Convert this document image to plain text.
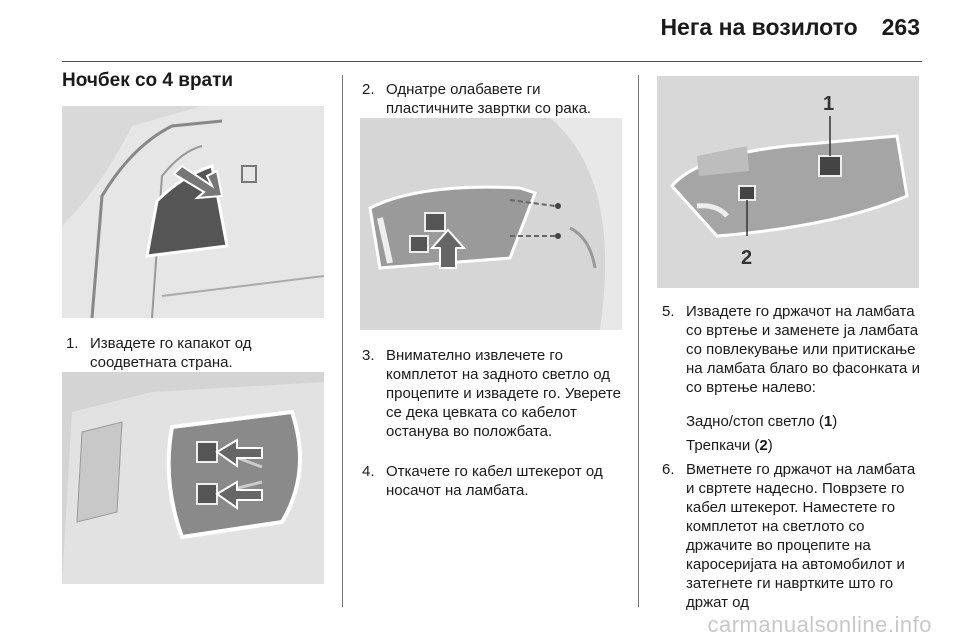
Нега на возилото 263
Ночбек со 4 врати
1. Извадете го капакот од соодветната страна.
2. Однатре олабавете ги пластичните завртки со рака.
3. Внимателно извлечете го комплетот на задното светло од процепите и извадете го. Уверете се дека цевката со кабелот останува во положбата.
4. Откачете го кабел штекерот од носачот на ламбата.
1
2
5. Извадете го држачот на ламбата со вртење и заменете ја ламбата со повлекување или притискање на ламбата благо во фасонката и со вртење налево:
Задно/стоп светло (1)
Трепкачи (2)
6. Вметнете го држачот на ламбата и свртете надесно. Поврзете го кабел штекерот. Наместете го комплетот на светлото со држачите во процепите на каросеријата на автомобилот и затегнете ги навртките што го држат од
carmanualsonline.info
